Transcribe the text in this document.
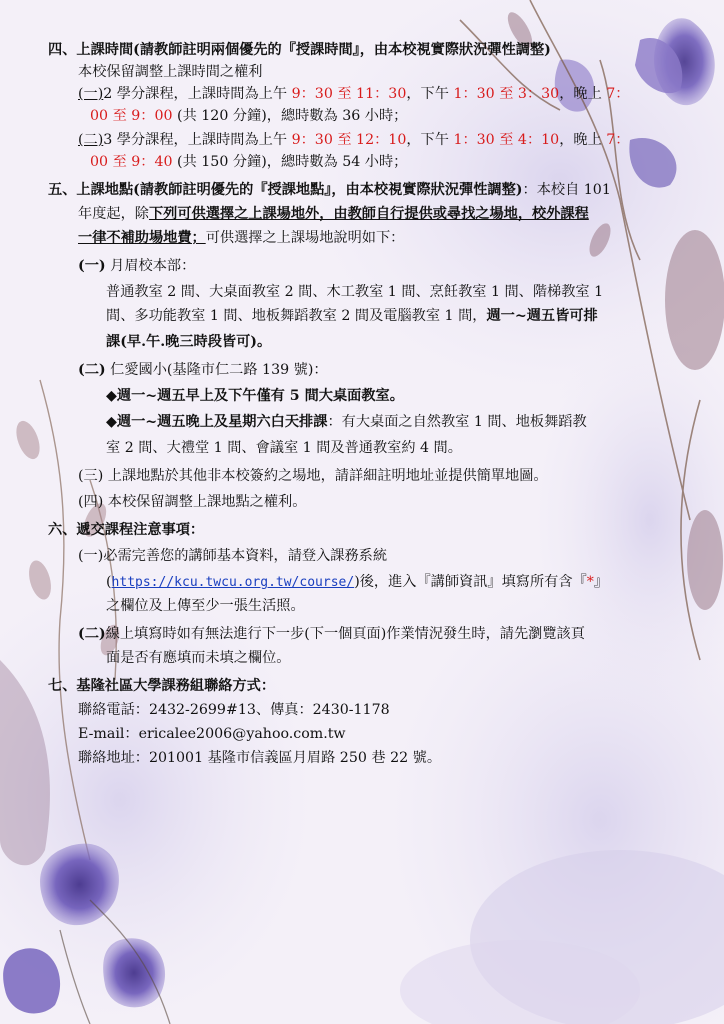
四、上課時間(請教師註明兩個優先的『授課時間』，由本校視實際狀況彈性調整)
本校保留調整上課時間之權利
(一)2 學分課程，上課時間為上午 9：30 至 11：30，下午 1：30 至 3：30，晚上 7：
00 至 9：00 (共 120 分鐘)，總時數為 36 小時；
(二)3 學分課程，上課時間為上午 9：30 至 12：10，下午 1：30 至 4：10，晚上 7：
00 至 9：40 (共 150 分鐘)，總時數為 54 小時；
五、上課地點(請教師註明優先的『授課地點』，由本校視實際狀況彈性調整)：本校自 101
年度起，除下列可供選擇之上課場地外，由教師自行提供或尋找之場地，校外課程
一律不補助場地費；可供選擇之上課場地說明如下：
(一) 月眉校本部：
普通教室 2 間、大桌面教室 2 間、木工教室 1 間、烹飪教室 1 間、階梯教室 1
間、多功能教室 1 間、地板舞蹈教室 2 間及電腦教室 1 間，週一~週五皆可排
課(早.午.晚三時段皆可)。
(二) 仁愛國小(基隆市仁二路 139 號)：
◆週一~週五早上及下午僅有 5 間大桌面教室。
◆週一~週五晚上及星期六白天排課：有大桌面之自然教室 1 間、地板舞蹈教
室 2 間、大禮堂 1 間、會議室 1 間及普通教室約 4 間。
(三) 上課地點於其他非本校簽約之場地，請詳細註明地址並提供簡單地圖。
(四) 本校保留調整上課地點之權利。
六、遞交課程注意事項：
(一)必需完善您的講師基本資料，請登入課務系統
(https://kcu.twcu.org.tw/course/)後，進入『講師資訊』填寫所有含『*』
之欄位及上傳至少一張生活照。
(二)線上填寫時如有無法進行下一步(下一個頁面)作業情況發生時，請先瀏覽該頁
面是否有應填而未填之欄位。
七、基隆社區大學課務組聯絡方式：
聯絡電話：2432-2699#13、傳真：2430-1178
E-mail：ericalee2006@yahoo.com.tw
聯絡地址：201001 基隆市信義區月眉路 250 巷 22 號。
